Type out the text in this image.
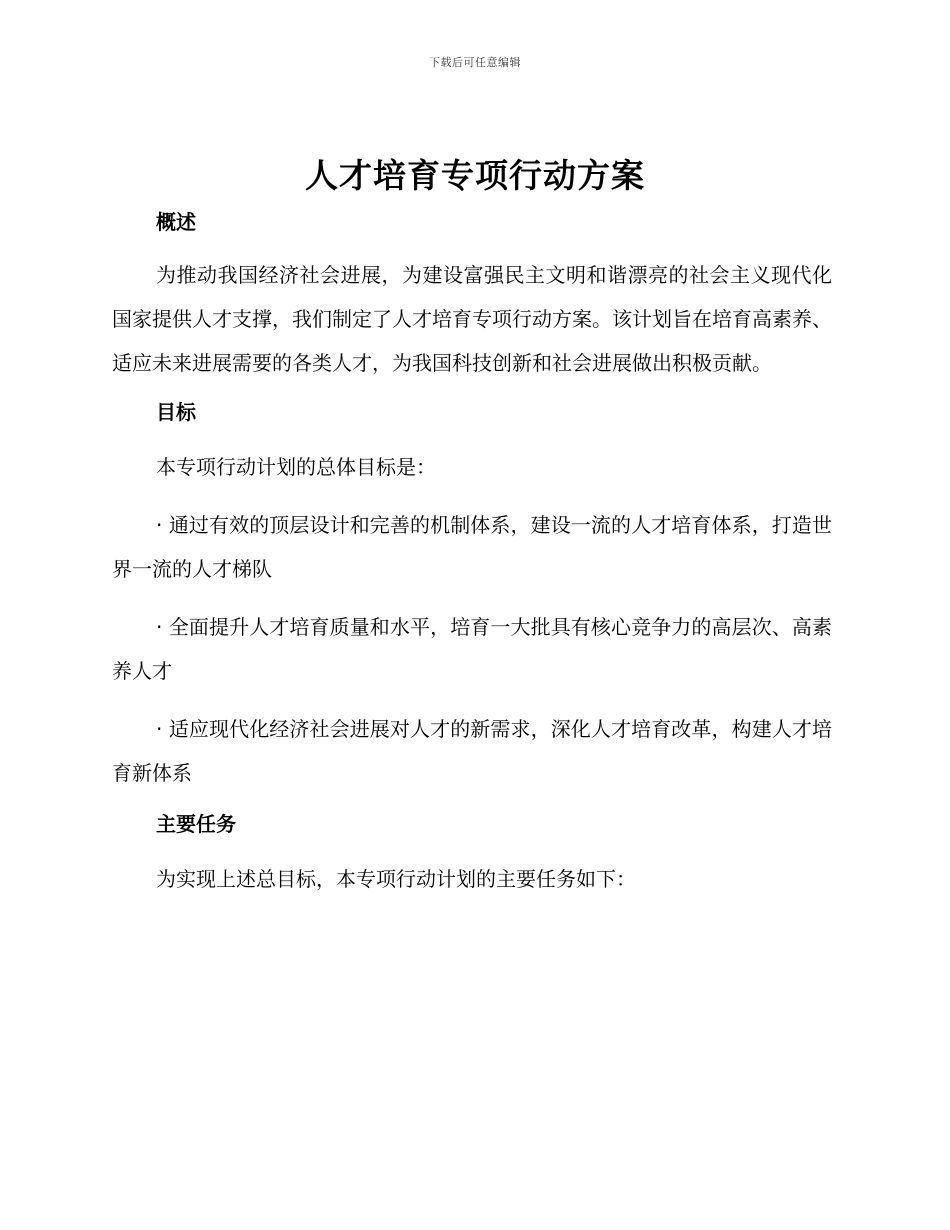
下载后可任意编辑
人才培育专项行动方案
概述

为推动我国经济社会进展，为建设富强民主文明和谐漂亮的社会主义现代化国家提供人才支撑，我们制定了人才培育专项行动方案。该计划旨在培育高素养、适应未来进展需要的各类人才，为我国科技创新和社会进展做出积极贡献。

目标

本专项行动计划的总体目标是：

· 通过有效的顶层设计和完善的机制体系，建设一流的人才培育体系，打造世界一流的人才梯队

· 全面提升人才培育质量和水平，培育一大批具有核心竞争力的高层次、高素养人才

· 适应现代化经济社会进展对人才的新需求，深化人才培育改革，构建人才培育新体系

主要任务

为实现上述总目标，本专项行动计划的主要任务如下：
